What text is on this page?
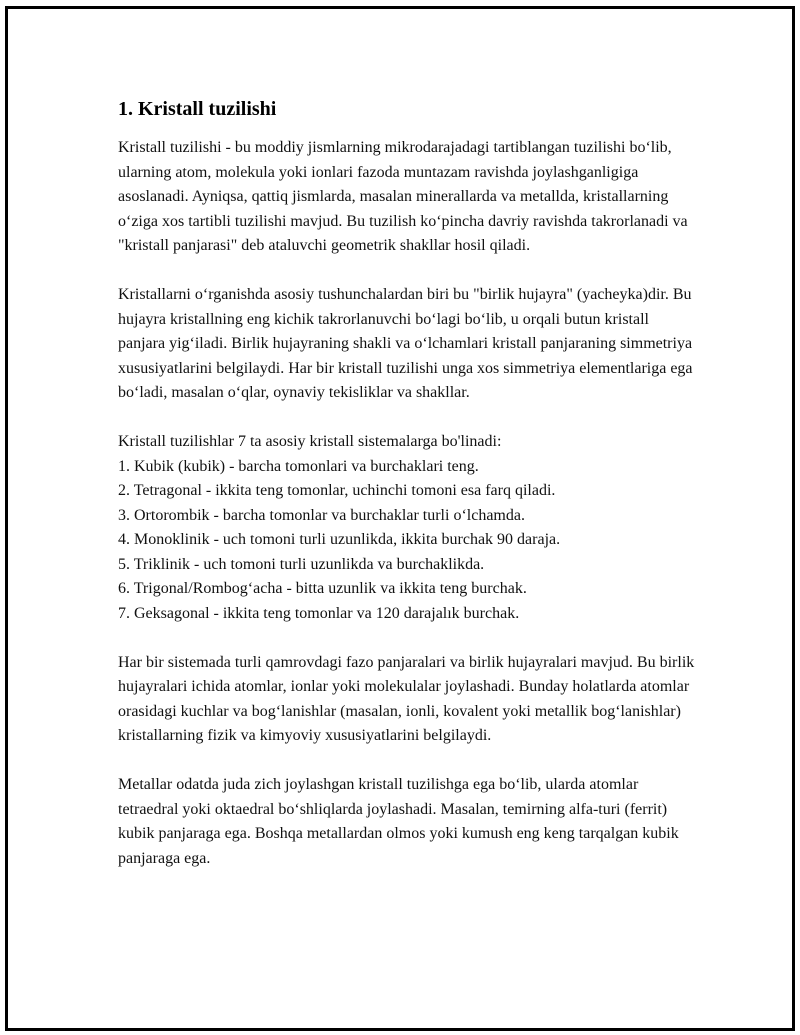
1. Kristall tuzilishi

Kristall tuzilishi - bu moddiy jismlarning mikrodarajadagi tartiblangan tuzilishi bo‘lib, ularning atom, molekula yoki ionlari fazoda muntazam ravishda joylashganligiga asoslanadi. Ayniqsa, qattiq jismlarda, masalan minerallarda va metallda, kristallarning o‘ziga xos tartibli tuzilishi mavjud. Bu tuzilish ko‘pincha davriy ravishda takrorlanadi va "kristall panjarasi" deb ataluvchi geometrik shakllar hosil qiladi.

Kristallarni o‘rganishda asosiy tushunchalardan biri bu "birlik hujayra" (yacheyka)dir. Bu hujayra kristallning eng kichik takrorlanuvchi bo‘lagi bo‘lib, u orqali butun kristall panjara yig‘iladi. Birlik hujayraning shakli va o‘lchamlari kristall panjaraning simmetriya xususiyatlarini belgilaydi. Har bir kristall tuzilishi unga xos simmetriya elementlariga ega bo‘ladi, masalan o‘qlar, oynaviy tekisliklar va shakllar.

Kristall tuzilishlar 7 ta asosiy kristall sistemalarga bo'linadi:

1. Kubik (kubik) - barcha tomonlari va burchaklari teng.
2. Tetragonal - ikkita teng tomonlar, uchinchi tomoni esa farq qiladi.
3. Ortorombik - barcha tomonlar va burchaklar turli o‘lchamda.
4. Monoklinik - uch tomoni turli uzunlikda, ikkita burchak 90 daraja.
5. Triklinik - uch tomoni turli uzunlikda va burchaklikda.
6. Trigonal/Rombog‘acha - bitta uzunlik va ikkita teng burchak.
7. Geksagonal - ikkita teng tomonlar va 120 darajalık burchak.

Har bir sistemada turli qamrovdagi fazo panjaralari va birlik hujayralari mavjud. Bu birlik hujayralari ichida atomlar, ionlar yoki molekulalar joylashadi. Bunday holatlarda atomlar orasidagi kuchlar va bog‘lanishlar (masalan, ionli, kovalent yoki metallik bog‘lanishlar) kristallarning fizik va kimyoviy xususiyatlarini belgilaydi.

Metallar odatda juda zich joylashgan kristall tuzilishga ega bo‘lib, ularda atomlar tetraedral yoki oktaedral bo‘shliqlarda joylashadi. Masalan, temirning alfa-turi (ferrit) kubik panjaraga ega. Boshqa metallardan olmos yoki kumush eng keng tarqalgan kubik panjaraga ega.
